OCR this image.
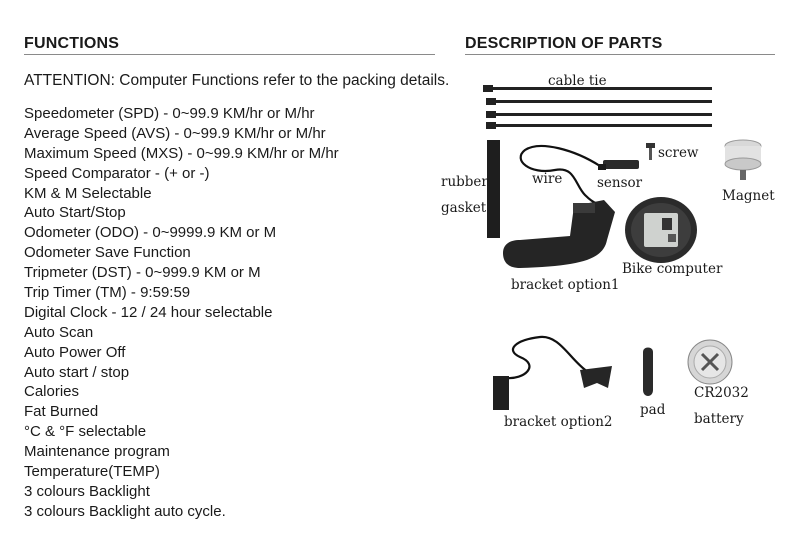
FUNCTIONS
ATTENTION: Computer Functions refer to the packing details.
Speedometer (SPD) - 0~99.9 KM/hr or M/hr
Average Speed (AVS) - 0~99.9 KM/hr or M/hr
Maximum Speed (MXS) - 0~99.9 KM/hr or M/hr
Speed Comparator - (+ or -)
KM & M Selectable
Auto Start/Stop
Odometer (ODO) - 0~9999.9 KM or M
Odometer Save Function
Tripmeter (DST) - 0~999.9 KM or M
Trip Timer (TM) - 9:59:59
Digital Clock - 12 / 24 hour selectable
Auto Scan
Auto Power Off
Auto start / stop
Calories
Fat Burned
°C & °F selectable
Maintenance program
Temperature(TEMP)
3 colours Backlight
3 colours Backlight auto cycle.
DESCRIPTION OF PARTS
cable tie
screw
rubber
gasket
wire	sensor
Magnet
Bike computer
bracket option1
bracket option2
pad
CR2032
battery
